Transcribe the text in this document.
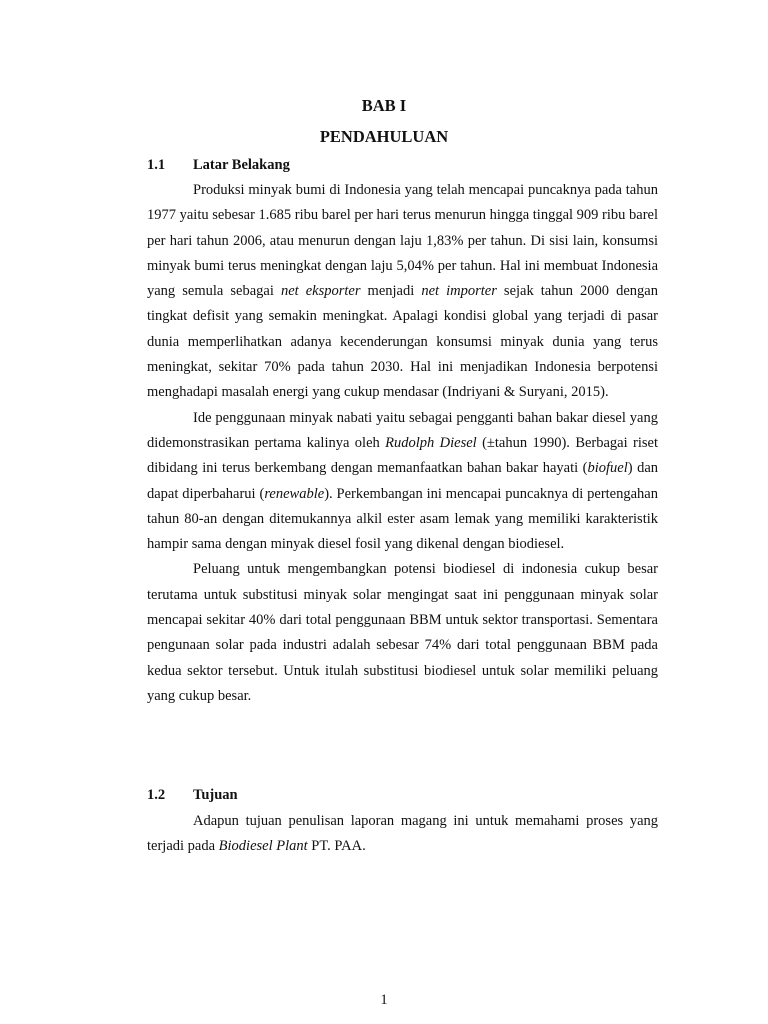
BAB I
PENDAHULUAN
1.1 Latar Belakang

Produksi minyak bumi di Indonesia yang telah mencapai puncaknya pada tahun 1977 yaitu sebesar 1.685 ribu barel per hari terus menurun hingga tinggal 909 ribu barel per hari tahun 2006, atau menurun dengan laju 1,83% per tahun. Di sisi lain, konsumsi minyak bumi terus meningkat dengan laju 5,04% per tahun. Hal ini membuat Indonesia yang semula sebagai net eksporter menjadi net importer sejak tahun 2000 dengan tingkat defisit yang semakin meningkat. Apalagi kondisi global yang terjadi di pasar dunia memperlihatkan adanya kecenderungan konsumsi minyak dunia yang terus meningkat, sekitar 70% pada tahun 2030. Hal ini menjadikan Indonesia berpotensi menghadapi masalah energi yang cukup mendasar (Indriyani & Suryani, 2015).

Ide penggunaan minyak nabati yaitu sebagai pengganti bahan bakar diesel yang didemonstrasikan pertama kalinya oleh Rudolph Diesel (±tahun 1990). Berbagai riset dibidang ini terus berkembang dengan memanfaatkan bahan bakar hayati (biofuel) dan dapat diperbaharui (renewable). Perkembangan ini mencapai puncaknya di pertengahan tahun 80-an dengan ditemukannya alkil ester asam lemak yang memiliki karakteristik hampir sama dengan minyak diesel fosil yang dikenal dengan biodiesel.

Peluang untuk mengembangkan potensi biodiesel di indonesia cukup besar terutama untuk substitusi minyak solar mengingat saat ini penggunaan minyak solar mencapai sekitar 40% dari total penggunaan BBM untuk sektor transportasi. Sementara pengunaan solar pada industri adalah sebesar 74% dari total penggunaan BBM pada kedua sektor tersebut. Untuk itulah substitusi biodiesel untuk solar memiliki peluang yang cukup besar.

1.2 Tujuan

Adapun tujuan penulisan laporan magang ini untuk memahami proses yang terjadi pada Biodiesel Plant PT. PAA.

1
